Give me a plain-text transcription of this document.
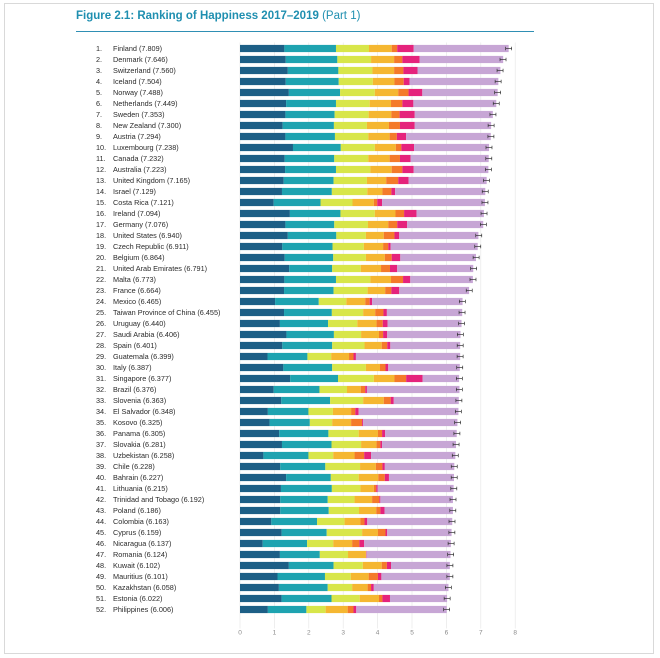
Figure 2.1: Ranking of Happiness 2017–2019 (Part 1)
1. Finland (7.809)
2. Denmark (7.646)
3. Switzerland (7.560)
4. Iceland (7.504)
5. Norway (7.488)
6. Netherlands (7.449)
7. Sweden (7.353)
8. New Zealand (7.300)
9. Austria (7.294)
10. Luxembourg (7.238)
11. Canada (7.232)
12. Australia (7.223)
13. United Kingdom (7.165)
14. Israel (7.129)
15. Costa Rica (7.121)
16. Ireland (7.094)
17. Germany (7.076)
18. United States (6.940)
19. Czech Republic (6.911)
20. Belgium (6.864)
21. United Arab Emirates (6.791)
22. Malta (6.773)
23. France (6.664)
24. Mexico (6.465)
25. Taiwan Province of China (6.455)
26. Uruguay (6.440)
27. Saudi Arabia (6.406)
28. Spain (6.401)
29. Guatemala (6.399)
30. Italy (6.387)
31. Singapore (6.377)
32. Brazil (6.376)
33. Slovenia (6.363)
34. El Salvador (6.348)
35. Kosovo (6.325)
36. Panama (6.305)
37. Slovakia (6.281)
38. Uzbekistan (6.258)
39. Chile (6.228)
40. Bahrain (6.227)
41. Lithuania (6.215)
42. Trinidad and Tobago (6.192)
43. Poland (6.186)
44. Colombia (6.163)
45. Cyprus (6.159)
46. Nicaragua (6.137)
47. Romania (6.124)
48. Kuwait (6.102)
49. Mauritius (6.101)
50. Kazakhstan (6.058)
51. Estonia (6.022)
52. Philippines (6.006)
0	1	2	3	4	5	6	7	8
